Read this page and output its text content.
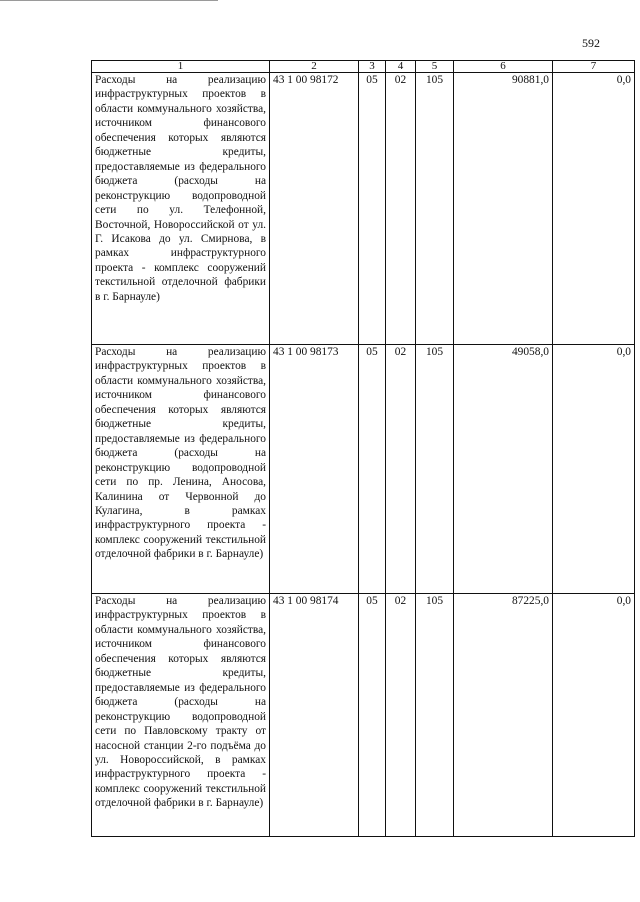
592
1	2	3	4	5	6	7
Расходы на реализацию инфраструктурных проектов в области коммунального хозяйства, источником финансового обеспечения которых являются бюджетные кредиты, предоставляемые из федерального бюджета (расходы на реконструкцию водопроводной сети по ул. Телефонной, Восточной, Новороссийской от ул. Г. Исакова до ул. Смирнова, в рамках инфраструктурного проекта - комплекс сооружений текстильной отделочной фабрики в г. Барнауле)	43 1 00 98172	05	02	105	90881,0	0,0
Расходы на реализацию инфраструктурных проектов в области коммунального хозяйства, источником финансового обеспечения которых являются бюджетные кредиты, предоставляемые из федерального бюджета (расходы на реконструкцию водопроводной сети по пр. Ленина, Аносова, Калинина от Червонной до Кулагина, в рамках инфраструктурного проекта - комплекс сооружений текстильной отделочной фабрики в г. Барнауле)	43 1 00 98173	05	02	105	49058,0	0,0
Расходы на реализацию инфраструктурных проектов в области коммунального хозяйства, источником финансового обеспечения которых являются бюджетные кредиты, предоставляемые из федерального бюджета (расходы на реконструкцию водопроводной сети по Павловскому тракту от насосной станции 2-го подъёма до ул. Новороссийской, в рамках инфраструктурного проекта - комплекс сооружений текстильной отделочной фабрики в г. Барнауле)	43 1 00 98174	05	02	105	87225,0	0,0
